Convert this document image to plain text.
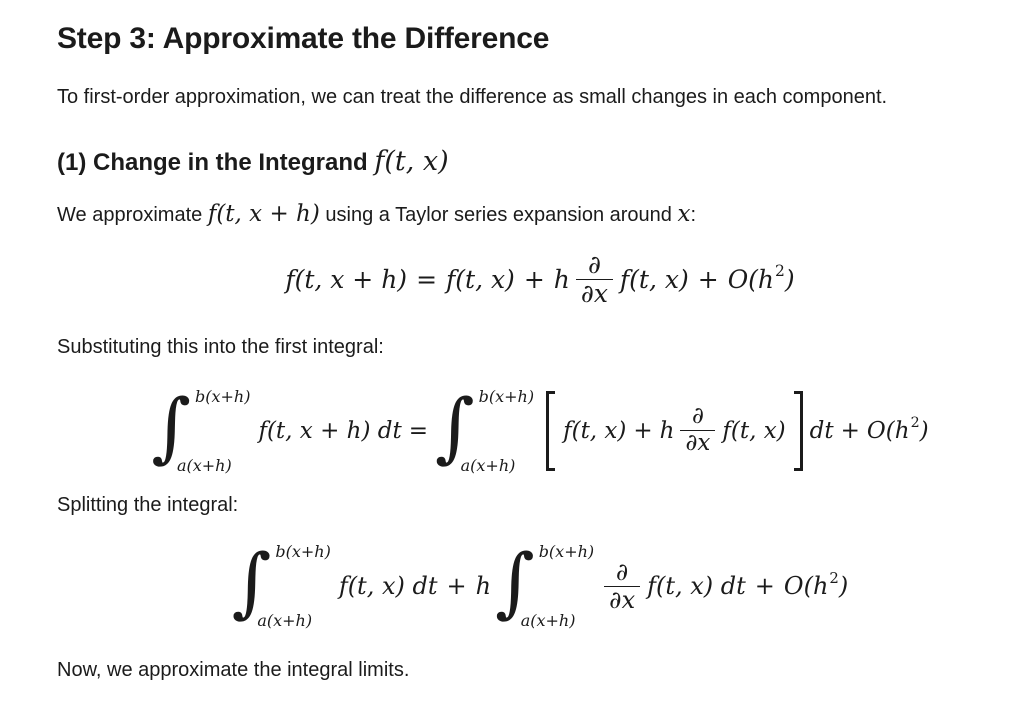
Step 3: Approximate the Difference

To first-order approximation, we can treat the difference as small changes in each component.

(1) Change in the Integrand f(t, x)

We approximate f(t, x + h) using a Taylor series expansion around x:

f(t, x + h) = f(t, x) + h $\frac{\partial}{\partial x} f(t$, x) + O(h 2 )

Substituting this into the first integral:

∫ b(x+h)
a(x+h)
f(t, x + h) dt = ∫ b(x+h)
a(x+h)
f(t, x) + h $\frac{\partial}{\partial x} f(t$, x) dt + O(h 2 )

Splitting the integral:

∫ b(x+h)
a(x+h)
f(t, x) dt + h ∫ b(x+h)
a(x+h)
$\frac{\partial}{\partial x} f(t$, x) dt + O(h 2 )

Now, we approximate the integral limits.
